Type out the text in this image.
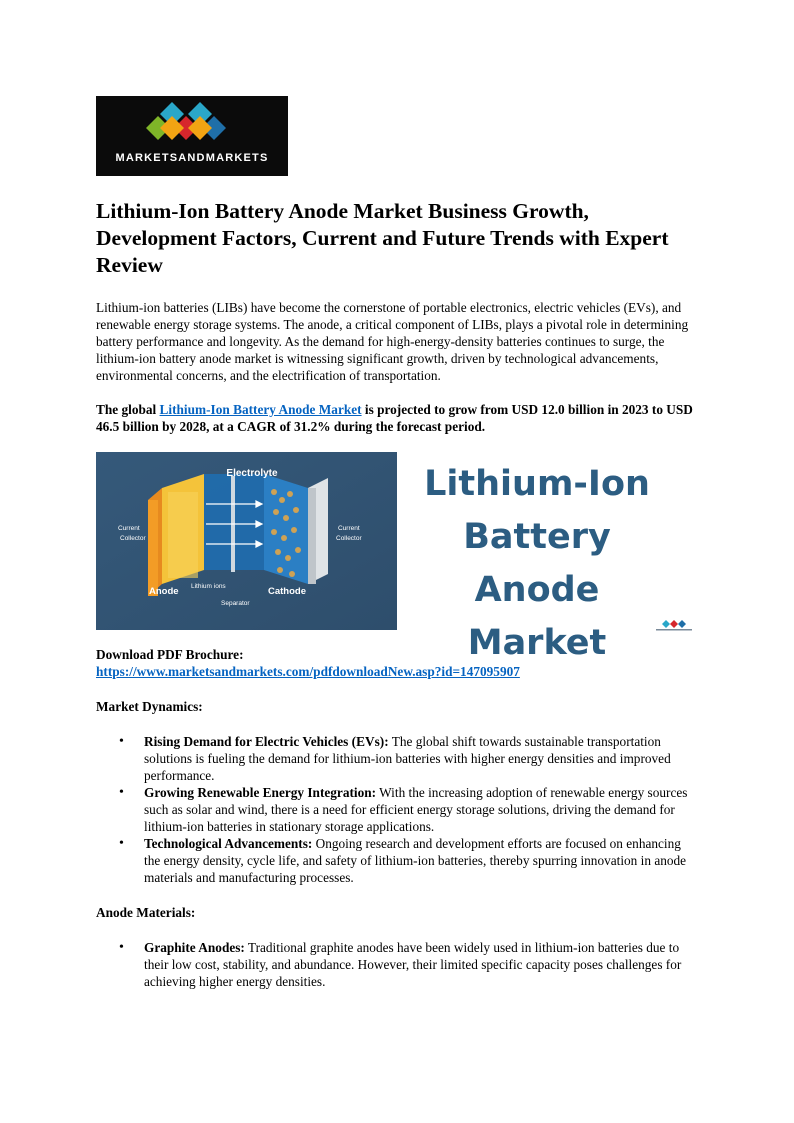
MARKETSANDMARKETS
Lithium-Ion Battery Anode Market Business Growth, Development Factors, Current and Future Trends with Expert Review

Lithium-ion batteries (LIBs) have become the cornerstone of portable electronics, electric vehicles (EVs), and renewable energy storage systems. The anode, a critical component of LIBs, plays a pivotal role in determining battery performance and longevity. As the demand for high-energy-density batteries continues to surge, the lithium-ion battery anode market is witnessing significant growth, driven by technological advancements, environmental concerns, and the electrification of transportation.

The global Lithium-Ion Battery Anode Market is projected to grow from USD 12.0 billion in 2023 to USD 46.5 billion by 2028, at a CAGR of 31.2% during the forecast period.

Electrolyte
Current
Collector
Current
Collector
Anode	Cathode
Lithium ions
Separator
Lithium-Ion
Battery Anode
Market
Download PDF Brochure:
https://www.marketsandmarkets.com/pdfdownloadNew.asp?id=147095907
Market Dynamics:
• Rising Demand for Electric Vehicles (EVs): The global shift towards sustainable transportation solutions is fueling the demand for lithium-ion batteries with higher energy densities and improved performance.
• Growing Renewable Energy Integration: With the increasing adoption of renewable energy sources such as solar and wind, there is a need for efficient energy storage solutions, driving the demand for lithium-ion batteries in stationary storage applications.
• Technological Advancements: Ongoing research and development efforts are focused on enhancing the energy density, cycle life, and safety of lithium-ion batteries, thereby spurring innovation in anode materials and manufacturing processes.
Anode Materials:
• Graphite Anodes: Traditional graphite anodes have been widely used in lithium-ion batteries due to their low cost, stability, and abundance. However, their limited specific capacity poses challenges for achieving higher energy densities.
